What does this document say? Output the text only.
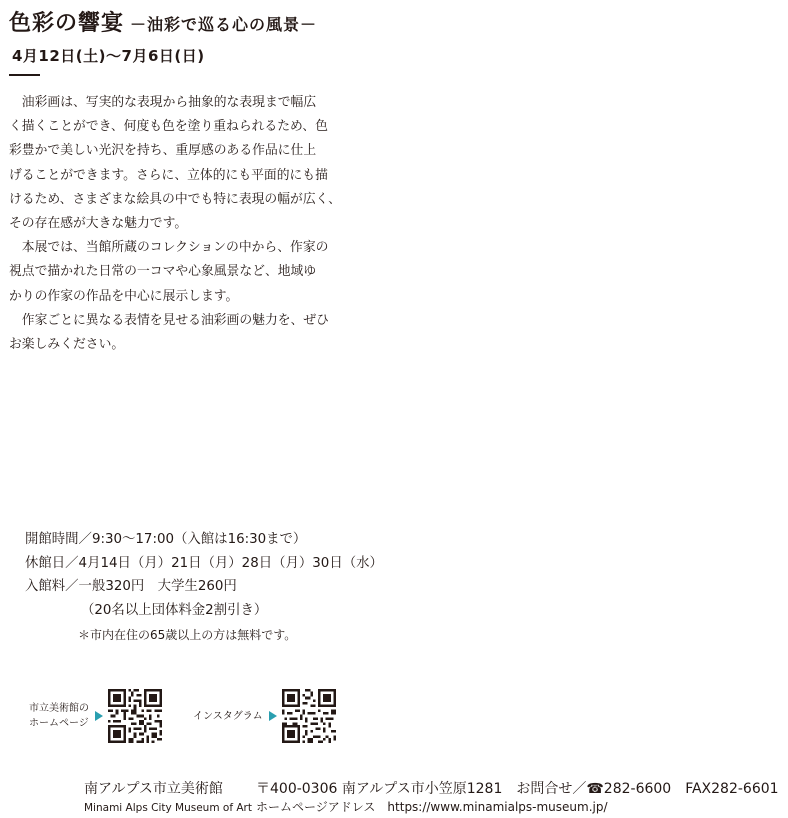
色彩の響宴 －油彩で巡る心の風景－
4月12日(土)～7月6日(日)
　油彩画は、写実的な表現から抽象的な表現まで幅広
く描くことができ、何度も色を塗り重ねられるため、色
彩豊かで美しい光沢を持ち、重厚感のある作品に仕上
げることができます。さらに、立体的にも平面的にも描
けるため、さまざまな絵具の中でも特に表現の幅が広く、
その存在感が大きな魅力です。
　本展では、当館所蔵のコレクションの中から、作家の
視点で描かれた日常の一コマや心象風景など、地域ゆ
かりの作家の作品を中心に展示します。
　作家ごとに異なる表情を見せる油彩画の魅力を、ぜひ
お楽しみください。
開館時間／9:30～17:00（入館は16:30まで）
休館日／4月14日（月）21日（月）28日（月）30日（水）
入館料／一般320円　大学生260円
（20名以上団体料金2割引き）
＊市内在住の65歳以上の方は無料です。
市立美術館の
ホームページ
インスタグラム
南アルプス市立美術館 〒400-0306 南アルプス市小笠原1281　お問合せ／☎282-6600　FAX282-6601
Minami Alps City Museum of Art ホームページアドレス　 https://www.minamialps-museum.jp/
